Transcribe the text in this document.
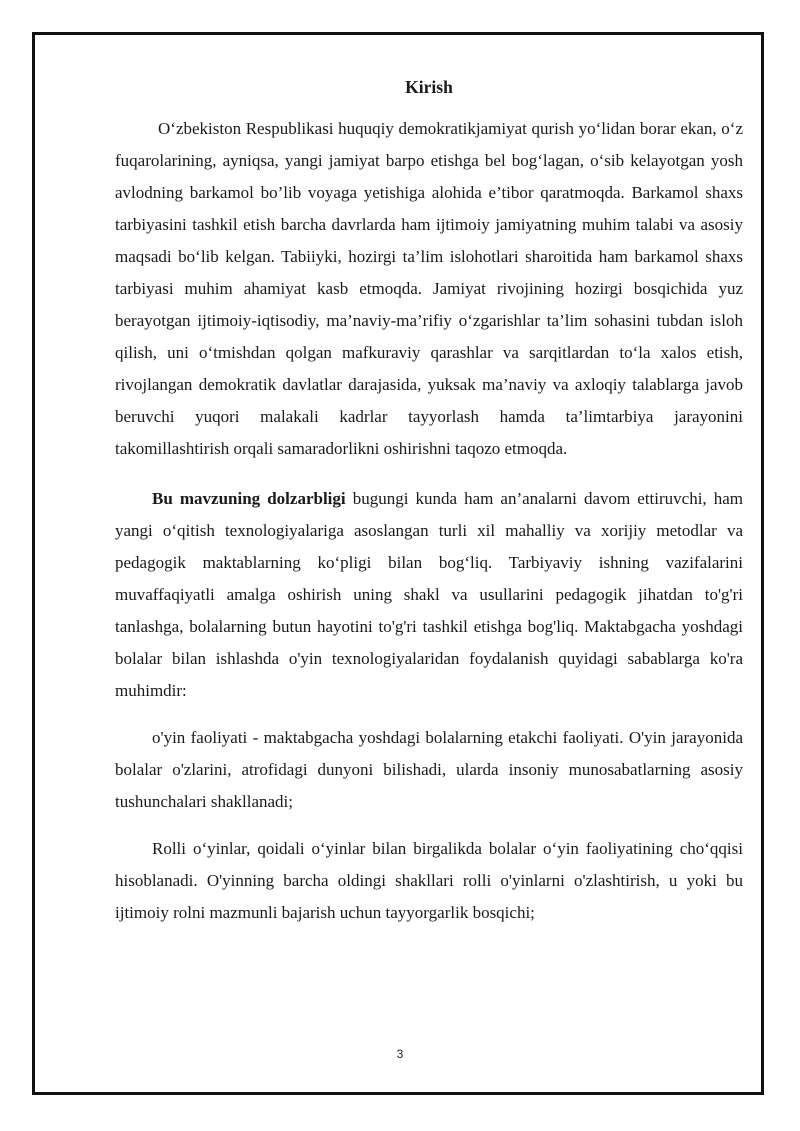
Kirish

O‘zbekiston Respublikasi huquqiy demokratikjamiyat qurish yo‘lidan borar ekan, o‘z fuqarolarining, ayniqsa, yangi jamiyat barpo etishga bel bog‘lagan, o‘sib kelayotgan yosh avlodning barkamol bo’lib voyaga yetishiga alohida e’tibor qaratmoqda. Barkamol shaxs tarbiyasini tashkil etish barcha davrlarda ham ijtimoiy jamiyatning muhim talabi va asosiy maqsadi bo‘lib kelgan. Tabiiyki, hozirgi ta’lim islohotlari sharoitida ham barkamol shaxs tarbiyasi muhim ahamiyat kasb etmoqda. Jamiyat rivojining hozirgi bosqichida yuz berayotgan ijtimoiy-iqtisodiy, ma’naviy-ma’rifiy o‘zgarishlar ta’lim sohasini tubdan isloh qilish, uni o‘tmishdan qolgan mafkuraviy qarashlar va sarqitlardan to‘la xalos etish, rivojlangan demokratik davlatlar darajasida, yuksak ma’naviy va axloqiy talablarga javob beruvchi yuqori malakali kadrlar tayyorlash hamda ta’limtarbiya jarayonini takomillashtirish orqali samaradorlikni oshirishni taqozo etmoqda.

Bu mavzuning dolzarbligi bugungi kunda ham an’analarni davom ettiruvchi, ham yangi o‘qitish texnologiyalariga asoslangan turli xil mahalliy va xorijiy metodlar va pedagogik maktablarning ko‘pligi bilan bog‘liq. Tarbiyaviy ishning vazifalarini muvaffaqiyatli amalga oshirish uning shakl va usullarini pedagogik jihatdan to'g'ri tanlashga, bolalarning butun hayotini to'g'ri tashkil etishga bog'liq. Maktabgacha yoshdagi bolalar bilan ishlashda o'yin texnologiyalaridan foydalanish quyidagi sabablarga ko'ra muhimdir:

o'yin faoliyati - maktabgacha yoshdagi bolalarning etakchi faoliyati. O'yin jarayonida bolalar o'zlarini, atrofidagi dunyoni bilishadi, ularda insoniy munosabatlarning asosiy tushunchalari shakllanadi;

Rolli o‘yinlar, qoidali o‘yinlar bilan birgalikda bolalar o‘yin faoliyatining cho‘qqisi hisoblanadi. O'yinning barcha oldingi shakllari rolli o'yinlarni o'zlashtirish, u yoki bu ijtimoiy rolni mazmunli bajarish uchun tayyorgarlik bosqichi;

3
